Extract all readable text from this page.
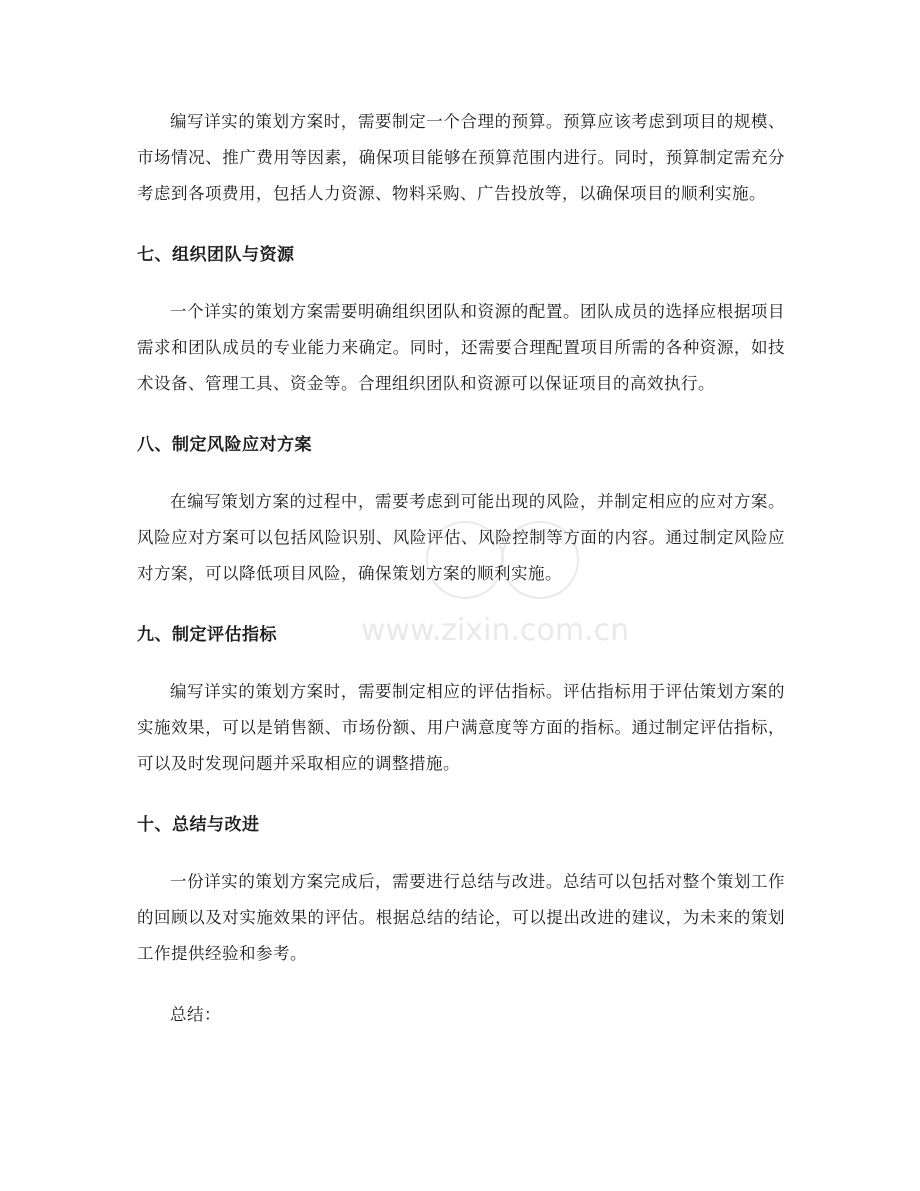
编写详实的策划方案时，需要制定一个合理的预算。预算应该考虑到项目的规模、市场情况、推广费用等因素，确保项目能够在预算范围内进行。同时，预算制定需充分考虑到各项费用，包括人力资源、物料采购、广告投放等，以确保项目的顺利实施。

七、组织团队与资源

一个详实的策划方案需要明确组织团队和资源的配置。团队成员的选择应根据项目需求和团队成员的专业能力来确定。同时，还需要合理配置项目所需的各种资源，如技术设备、管理工具、资金等。合理组织团队和资源可以保证项目的高效执行。

八、制定风险应对方案

在编写策划方案的过程中，需要考虑到可能出现的风险，并制定相应的应对方案。风险应对方案可以包括风险识别、风险评估、风险控制等方面的内容。通过制定风险应对方案，可以降低项目风险，确保策划方案的顺利实施。

九、制定评估指标

编写详实的策划方案时，需要制定相应的评估指标。评估指标用于评估策划方案的实施效果，可以是销售额、市场份额、用户满意度等方面的指标。通过制定评估指标，可以及时发现问题并采取相应的调整措施。

十、总结与改进

一份详实的策划方案完成后，需要进行总结与改进。总结可以包括对整个策划工作的回顾以及对实施效果的评估。根据总结的结论，可以提出改进的建议，为未来的策划工作提供经验和参考。

总结：

www.zixin.com.cn
